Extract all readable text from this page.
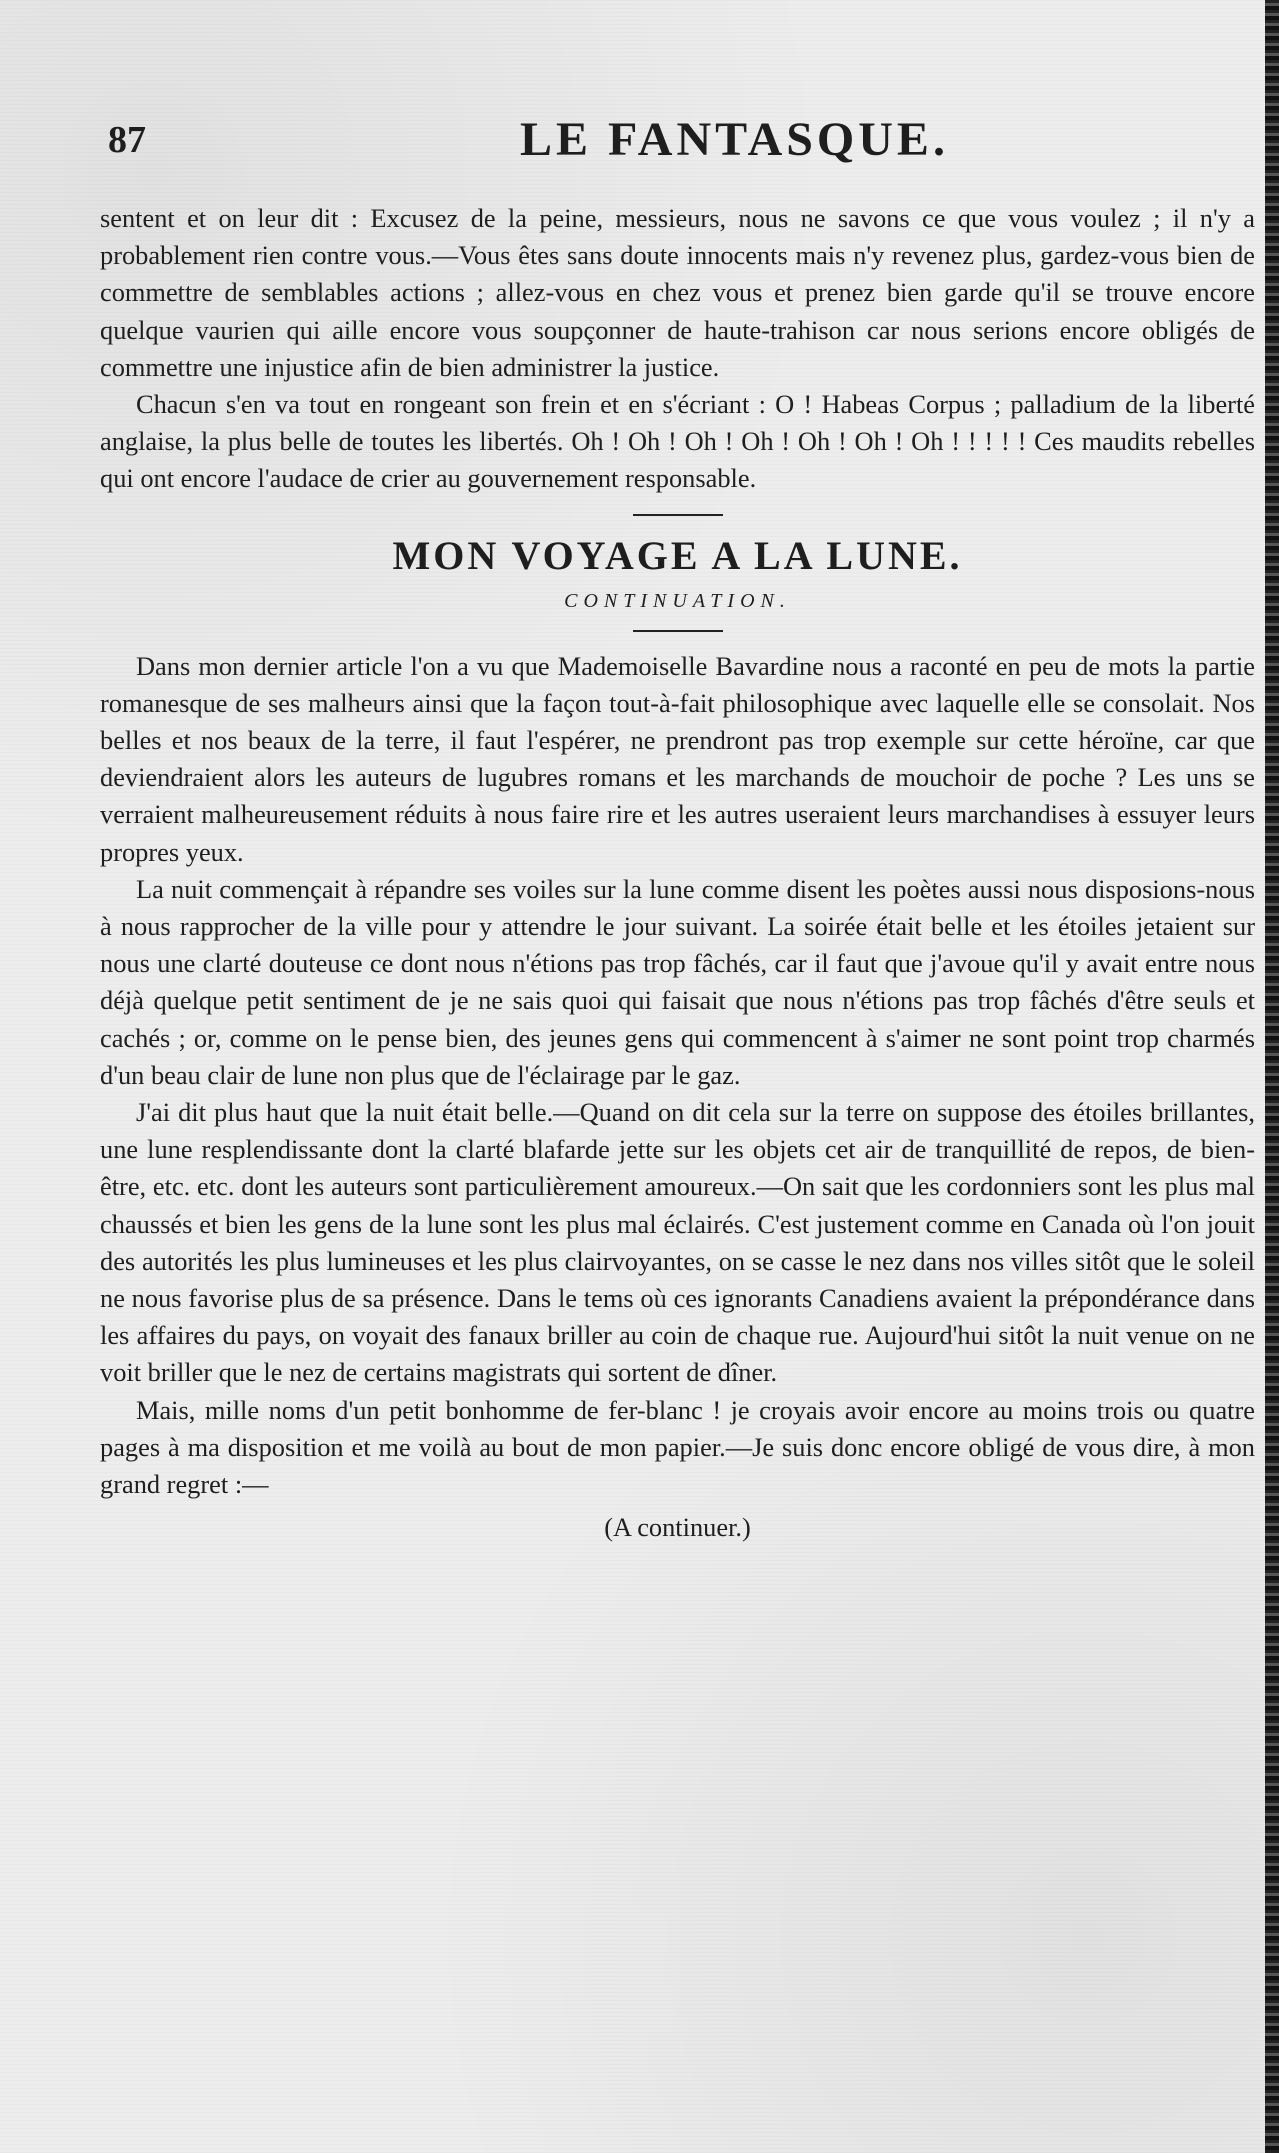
87	LE FANTASQUE.

sentent et on leur dit : Excusez de la peine, messieurs, nous ne savons ce que vous voulez ; il n'y a probablement rien contre vous.—Vous êtes sans doute innocents mais n'y revenez plus, gardez-vous bien de commettre de semblables actions ; allez-vous en chez vous et prenez bien garde qu'il se trouve encore quelque vaurien qui aille encore vous soupçonner de haute-trahison car nous serions encore obligés de commettre une injustice afin de bien administrer la justice.

Chacun s'en va tout en rongeant son frein et en s'écriant : O ! Habeas Corpus ; palladium de la liberté anglaise, la plus belle de toutes les libertés. Oh ! Oh ! Oh ! Oh ! Oh ! Oh ! Oh ! ! ! ! ! Ces maudits rebelles qui ont encore l'audace de crier au gouvernement responsable.

MON VOYAGE A LA LUNE.
CONTINUATION.

Dans mon dernier article l'on a vu que Mademoiselle Bavardine nous a raconté en peu de mots la partie romanesque de ses malheurs ainsi que la façon tout-à-fait philosophique avec laquelle elle se consolait. Nos belles et nos beaux de la terre, il faut l'espérer, ne prendront pas trop exemple sur cette héroïne, car que deviendraient alors les auteurs de lugubres romans et les marchands de mouchoir de poche ? Les uns se verraient malheureusement réduits à nous faire rire et les autres useraient leurs marchandises à essuyer leurs propres yeux.

La nuit commençait à répandre ses voiles sur la lune comme disent les poètes aussi nous disposions-nous à nous rapprocher de la ville pour y attendre le jour suivant. La soirée était belle et les étoiles jetaient sur nous une clarté douteuse ce dont nous n'étions pas trop fâchés, car il faut que j'avoue qu'il y avait entre nous déjà quelque petit sentiment de je ne sais quoi qui faisait que nous n'étions pas trop fâchés d'être seuls et cachés ; or, comme on le pense bien, des jeunes gens qui commencent à s'aimer ne sont point trop charmés d'un beau clair de lune non plus que de l'éclairage par le gaz.

J'ai dit plus haut que la nuit était belle.—Quand on dit cela sur la terre on suppose des étoiles brillantes, une lune resplendissante dont la clarté blafarde jette sur les objets cet air de tranquillité de repos, de bien-être, etc. etc. dont les auteurs sont particulièrement amoureux.—On sait que les cordonniers sont les plus mal chaussés et bien les gens de la lune sont les plus mal éclairés. C'est justement comme en Canada où l'on jouit des autorités les plus lumineuses et les plus clairvoyantes, on se casse le nez dans nos villes sitôt que le soleil ne nous favorise plus de sa présence. Dans le tems où ces ignorants Canadiens avaient la prépondérance dans les affaires du pays, on voyait des fanaux briller au coin de chaque rue. Aujourd'hui sitôt la nuit venue on ne voit briller que le nez de certains magistrats qui sortent de dîner.

Mais, mille noms d'un petit bonhomme de fer-blanc ! je croyais avoir encore au moins trois ou quatre pages à ma disposition et me voilà au bout de mon papier.—Je suis donc encore obligé de vous dire, à mon grand regret :—

(A continuer.)
